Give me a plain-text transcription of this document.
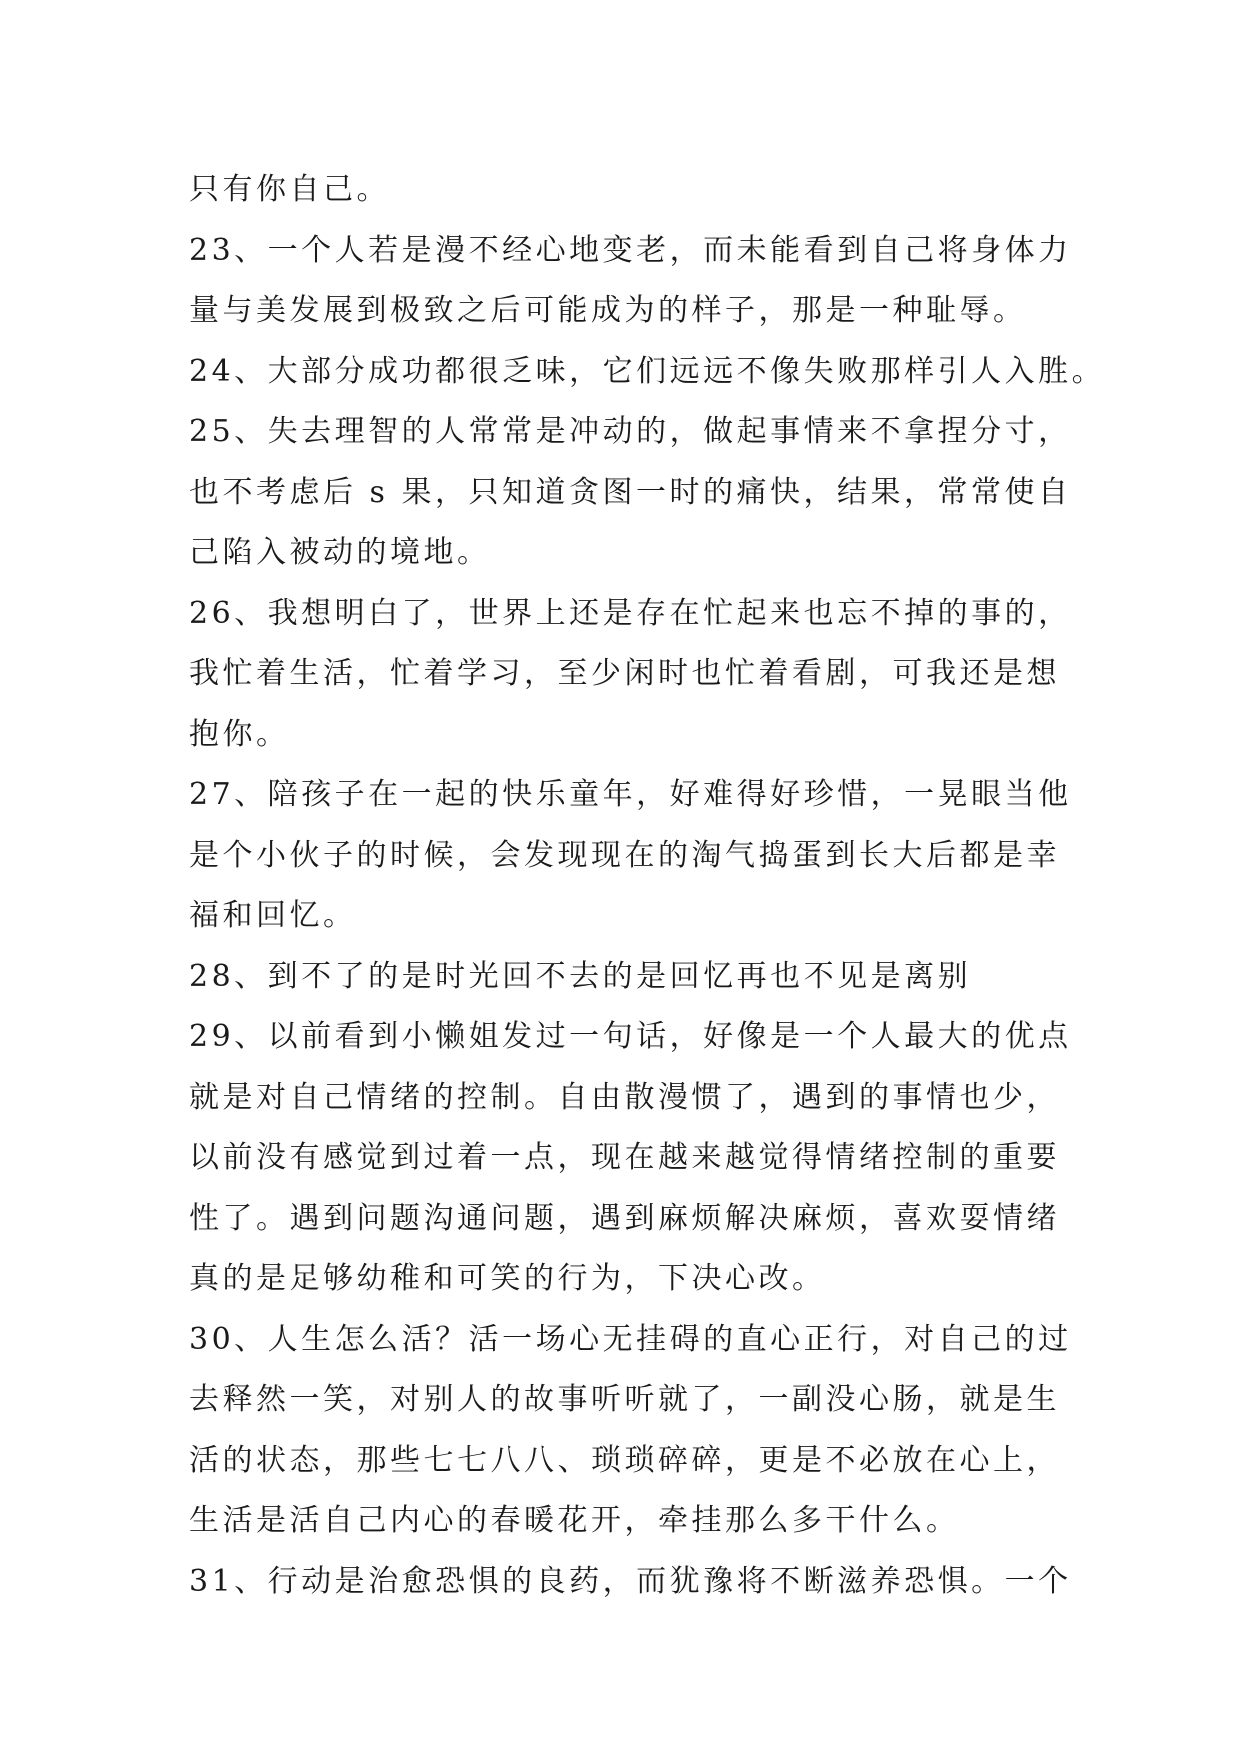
只有你自己。
23、一个人若是漫不经心地变老，而未能看到自己将身体力
量与美发展到极致之后可能成为的样子，那是一种耻辱。
24、大部分成功都很乏味，它们远远不像失败那样引人入胜。
25、失去理智的人常常是冲动的，做起事情来不拿捏分寸，
也不考虑后 s 果，只知道贪图一时的痛快，结果，常常使自
己陷入被动的境地。
26、我想明白了，世界上还是存在忙起来也忘不掉的事的，
我忙着生活，忙着学习，至少闲时也忙着看剧，可我还是想
抱你。
27、陪孩子在一起的快乐童年，好难得好珍惜，一晃眼当他
是个小伙子的时候，会发现现在的淘气捣蛋到长大后都是幸
福和回忆。
28、到不了的是时光回不去的是回忆再也不见是离别
29、以前看到小懒姐发过一句话，好像是一个人最大的优点
就是对自己情绪的控制。自由散漫惯了，遇到的事情也少，
以前没有感觉到过着一点，现在越来越觉得情绪控制的重要
性了。遇到问题沟通问题，遇到麻烦解决麻烦，喜欢耍情绪
真的是足够幼稚和可笑的行为，下决心改。
30、人生怎么活？活一场心无挂碍的直心正行，对自己的过
去释然一笑，对别人的故事听听就了，一副没心肠，就是生
活的状态，那些七七八八、琐琐碎碎，更是不必放在心上，
生活是活自己内心的春暖花开，牵挂那么多干什么。
31、行动是治愈恐惧的良药，而犹豫将不断滋养恐惧。一个
